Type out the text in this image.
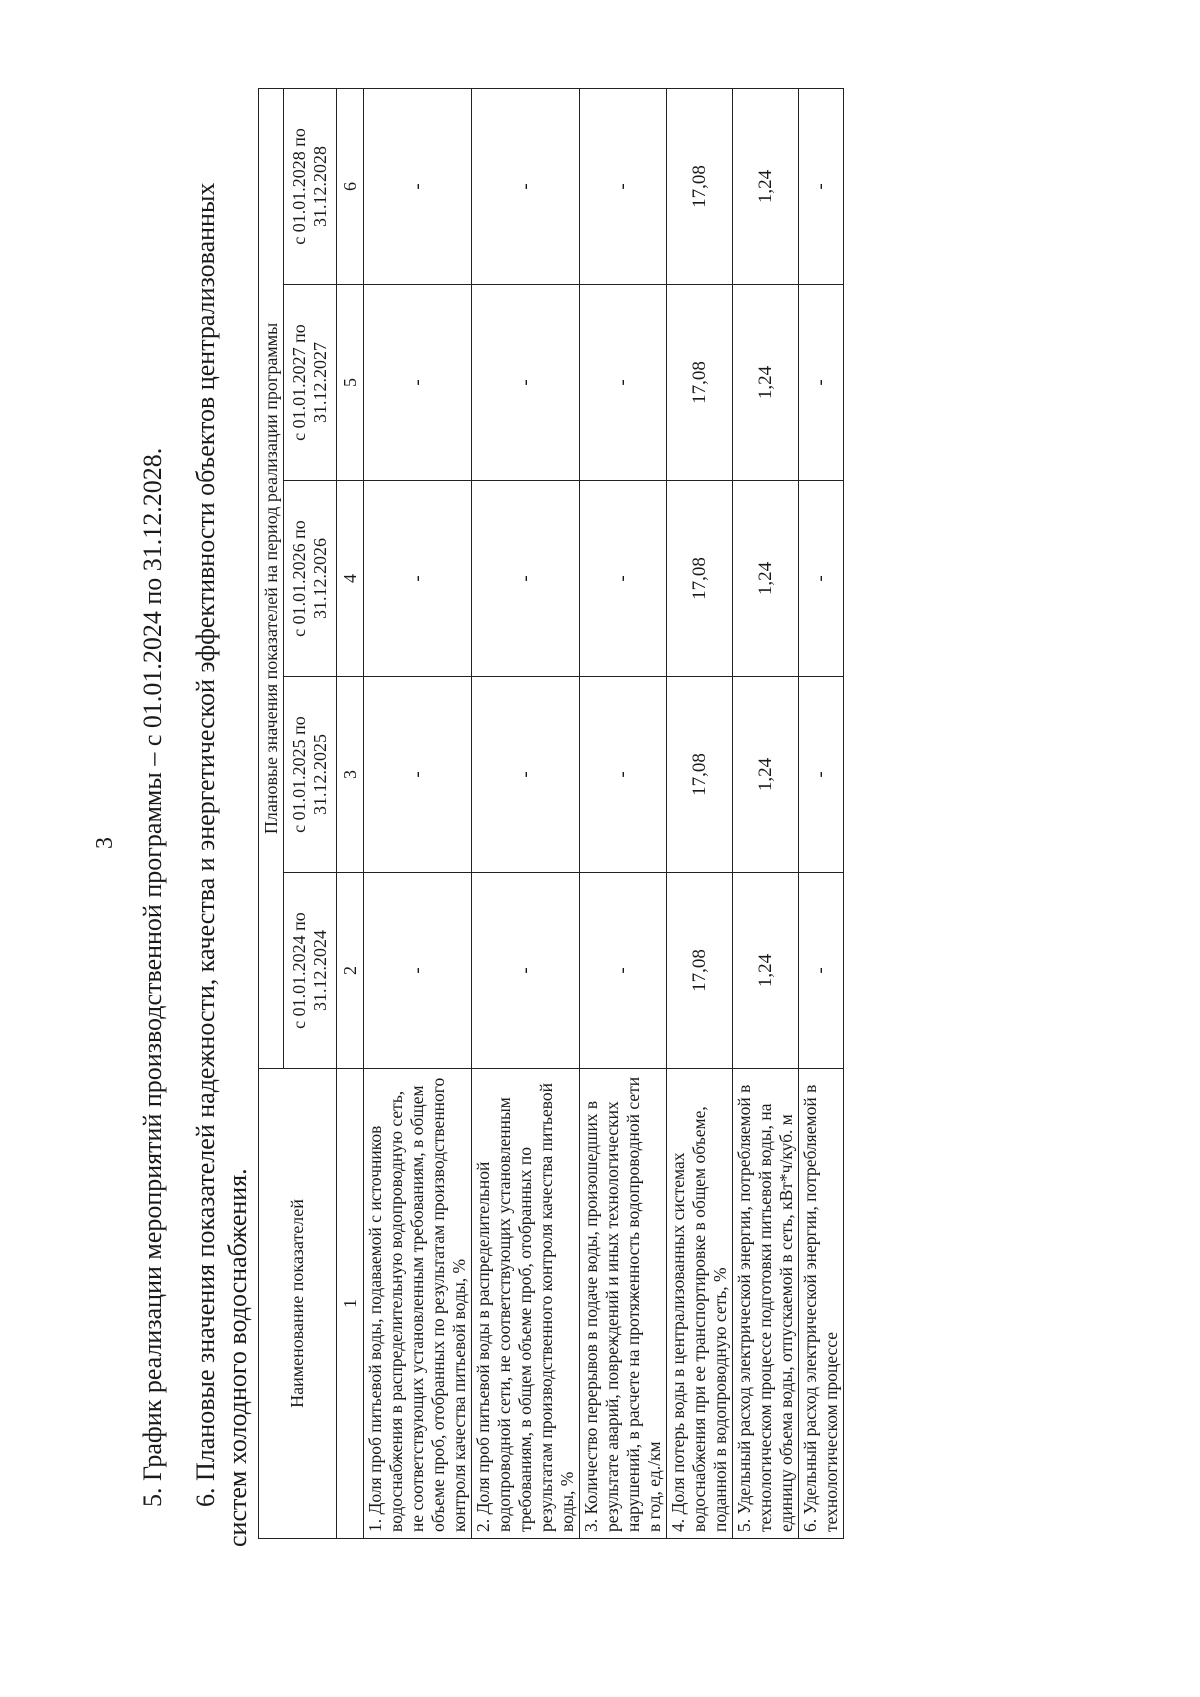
3 5. График реализации мероприятий производственной программы – с 01.01.2024 по 31.12.2028. 6. Плановые значения показателей надежности, качества и энергетической эффективности объектов централизованных систем холодного водоснабжения. Наименование показателей	Плановые значения показателей на период реализации программы				
	с 01.01.2024 по 31.12.2024	с 01.01.2025 по 31.12.2025	с 01.01.2026 по 31.12.2026	с 01.01.2027 по 31.12.2027	с 01.01.2028 по 31.12.2028
1	2	3	4	5	6
1. Доля проб питьевой воды, подаваемой с источников водоснабжения в распределительную водопроводную сеть, не соответствующих установленным требованиям, в общем объеме проб, отобранных по результатам производственного контроля качества питьевой воды, %	-	-	-	-	-
2. Доля проб питьевой воды в распределительной водопроводной сети, не соответствующих установленным требованиям, в общем объеме проб, отобранных по результатам производственного контроля качества питьевой воды, %	-	-	-	-	-
3. Количество перерывов в подаче воды, произошедших в результате аварий, повреждений и иных технологических нарушений, в расчете на протяженность водопроводной сети в год, ед./км	-	-	-	-	-
4. Доля потерь воды в централизованных системах водоснабжения при ее транспортировке в общем объеме, поданной в водопроводную сеть, %	17,08	17,08	17,08	17,08	17,08
5. Удельный расход электрической энергии, потребляемой в технологическом процессе подготовки питьевой воды, на единицу объема воды, отпускаемой в сеть, кВт*ч/куб. м	1,24	1,24	1,24	1,24	1,24
6. Удельный расход электрической энергии, потребляемой в технологическом процессе	-	-	-	-	-
